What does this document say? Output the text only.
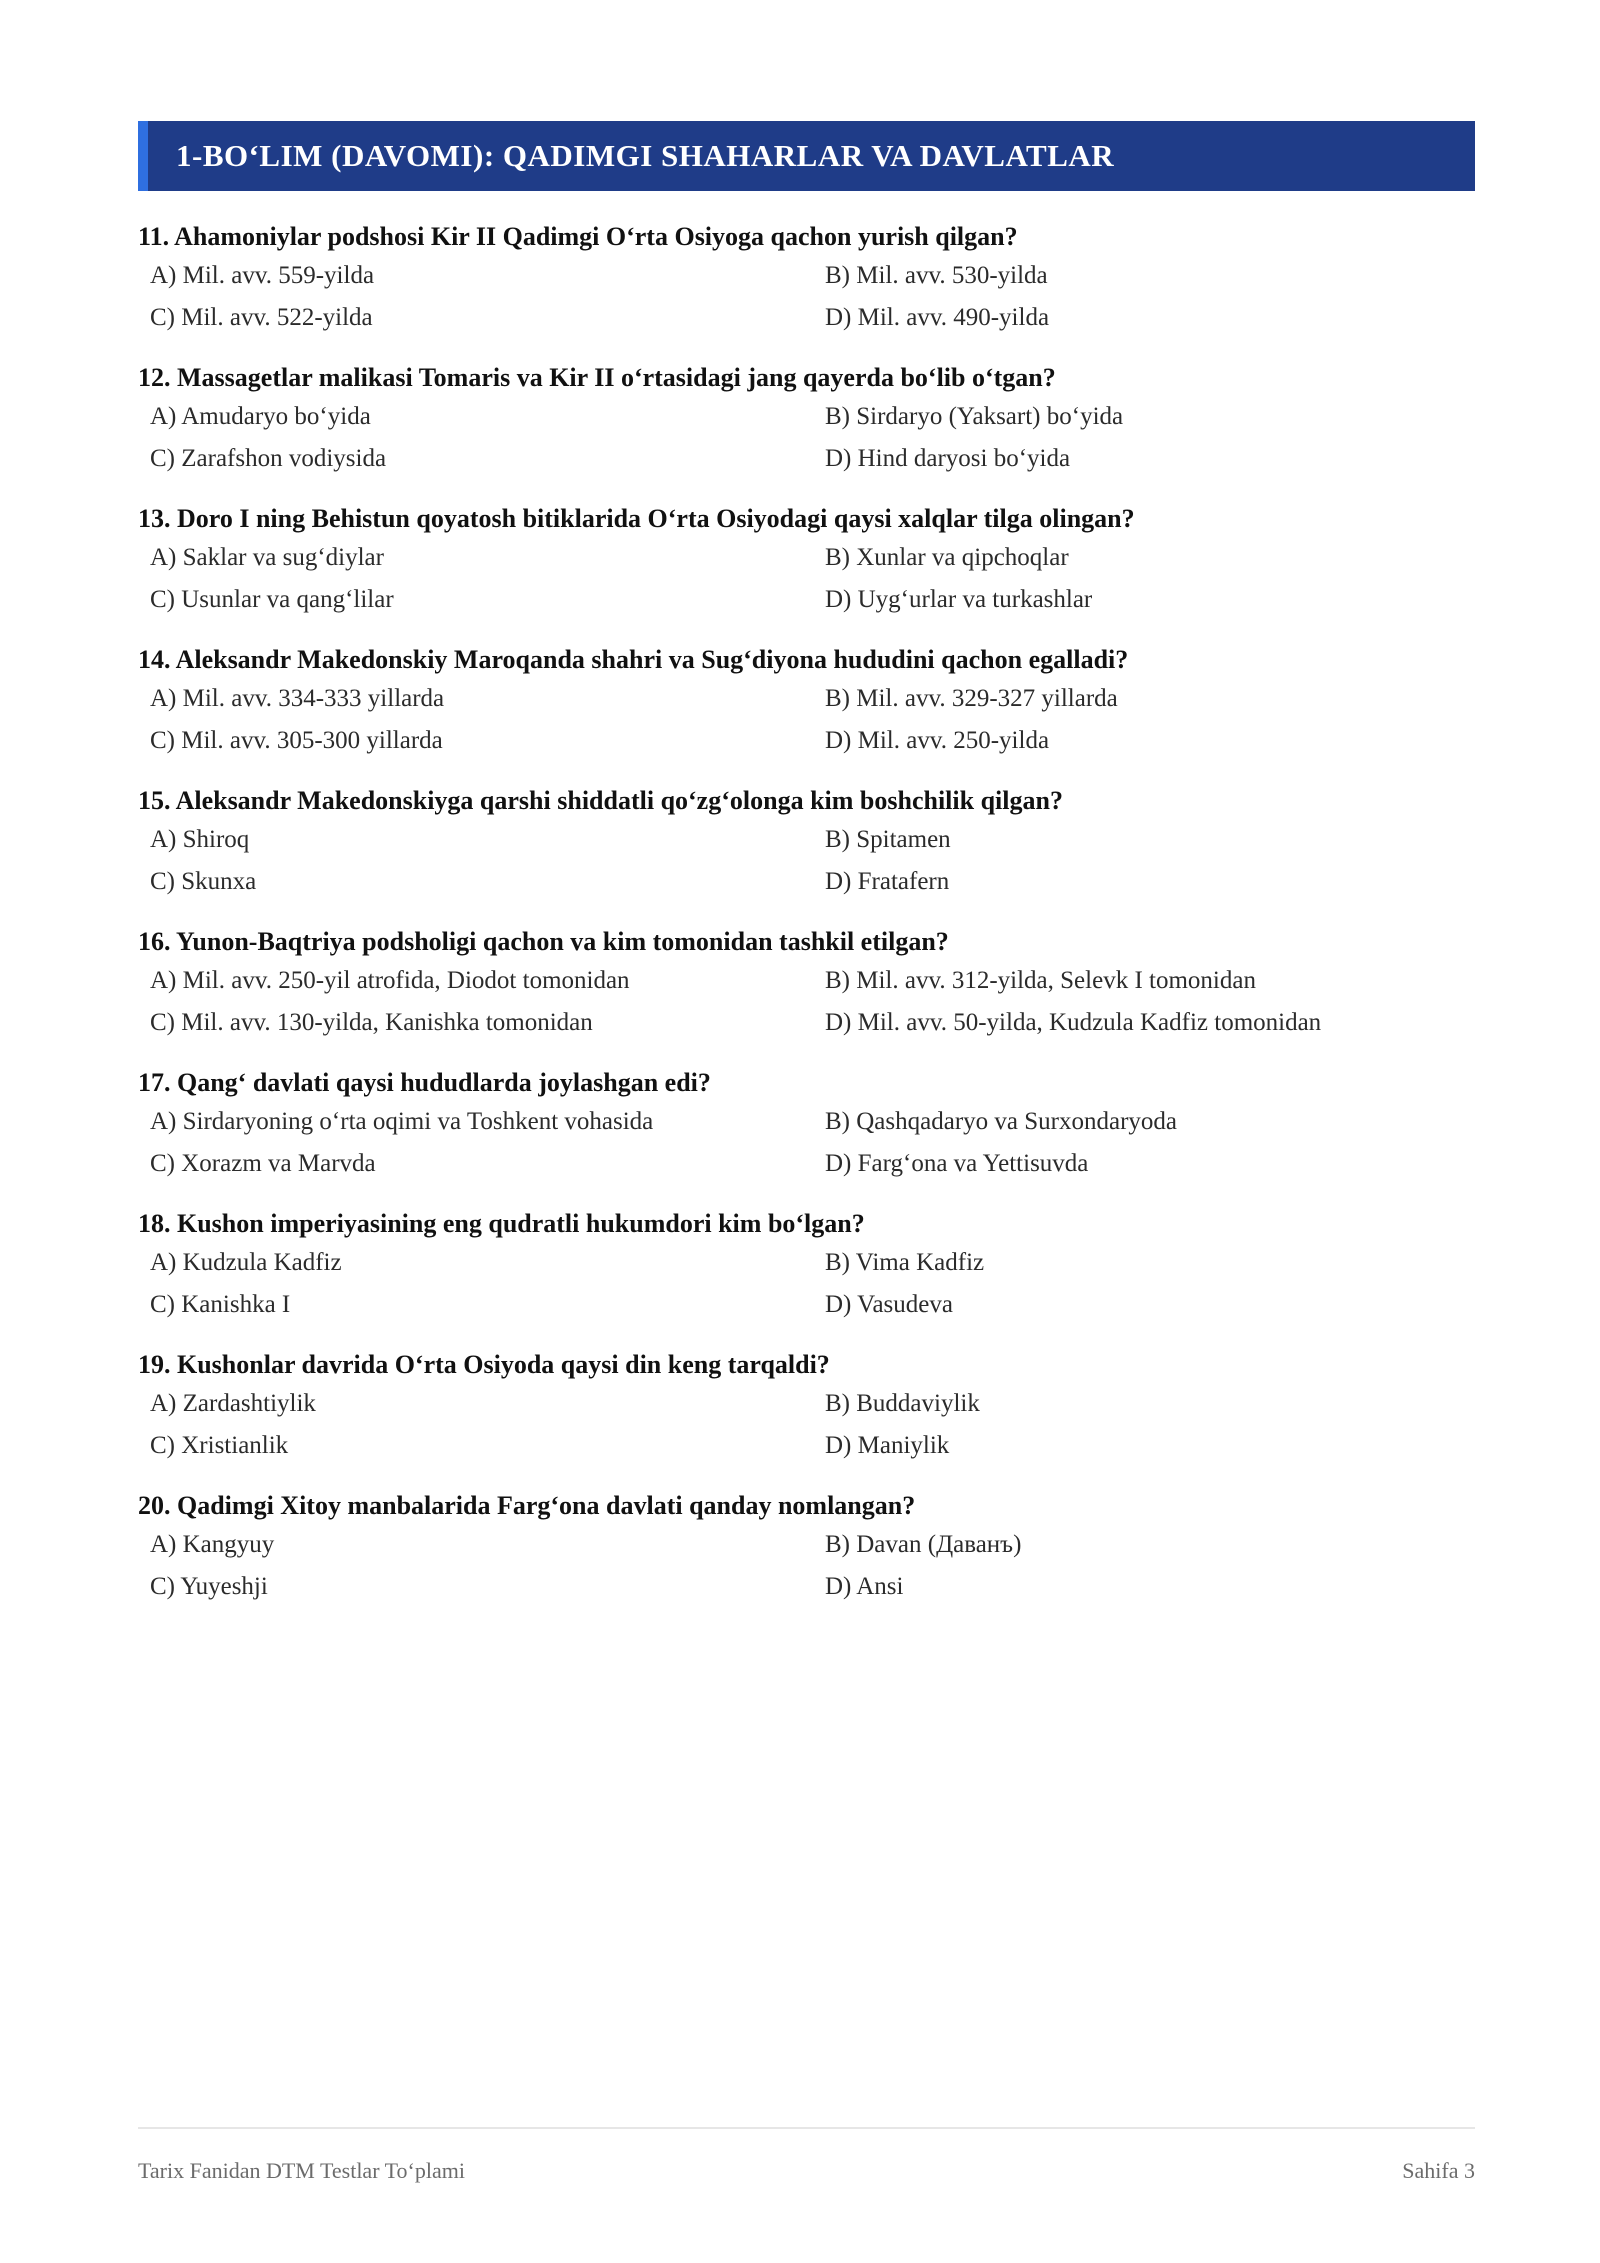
1-BO‘LIM (DAVOMI): QADIMGI SHAHARLAR VA DAVLATLAR
11. Ahamoniylar podshosi Kir II Qadimgi O‘rta Osiyoga qachon yurish qilgan?
A) Mil. avv. 559-yilda	B) Mil. avv. 530-yilda
C) Mil. avv. 522-yilda	D) Mil. avv. 490-yilda
12. Massagetlar malikasi Tomaris va Kir II o‘rtasidagi jang qayerda bo‘lib o‘tgan?
A) Amudaryo bo‘yida	B) Sirdaryo (Yaksart) bo‘yida
C) Zarafshon vodiysida	D) Hind daryosi bo‘yida
13. Doro I ning Behistun qoyatosh bitiklarida O‘rta Osiyodagi qaysi xalqlar tilga olingan?
A) Saklar va sug‘diylar	B) Xunlar va qipchoqlar
C) Usunlar va qang‘lilar	D) Uyg‘urlar va turkashlar
14. Aleksandr Makedonskiy Maroqanda shahri va Sug‘diyona hududini qachon egalladi?
A) Mil. avv. 334-333 yillarda	B) Mil. avv. 329-327 yillarda
C) Mil. avv. 305-300 yillarda	D) Mil. avv. 250-yilda
15. Aleksandr Makedonskiyga qarshi shiddatli qo‘zg‘olonga kim boshchilik qilgan?
A) Shiroq	B) Spitamen
C) Skunxa	D) Fratafern
16. Yunon-Baqtriya podsholigi qachon va kim tomonidan tashkil etilgan?
A) Mil. avv. 250-yil atrofida, Diodot tomonidan	B) Mil. avv. 312-yilda, Selevk I tomonidan
C) Mil. avv. 130-yilda, Kanishka tomonidan	D) Mil. avv. 50-yilda, Kudzula Kadfiz tomonidan
17. Qang‘ davlati qaysi hududlarda joylashgan edi?
A) Sirdaryoning o‘rta oqimi va Toshkent vohasida	B) Qashqadaryo va Surxondaryoda
C) Xorazm va Marvda	D) Farg‘ona va Yettisuvda
18. Kushon imperiyasining eng qudratli hukumdori kim bo‘lgan?
A) Kudzula Kadfiz	B) Vima Kadfiz
C) Kanishka I	D) Vasudeva
19. Kushonlar davrida O‘rta Osiyoda qaysi din keng tarqaldi?
A) Zardashtiylik	B) Buddaviylik
C) Xristianlik	D) Maniylik
20. Qadimgi Xitoy manbalarida Farg‘ona davlati qanday nomlangan?
A) Kangyuy	B) Davan (Даванъ)
C) Yuyeshji	D) Ansi
Tarix Fanidan DTM Testlar To‘plami	Sahifa 3
